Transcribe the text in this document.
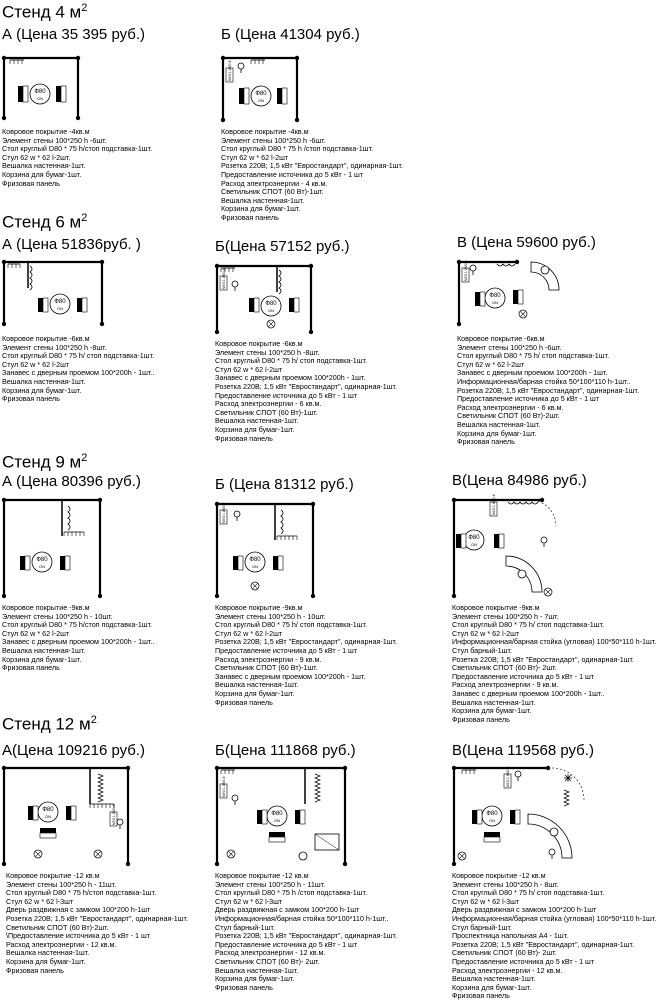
Стенд 4 $м^2$
А (Цена 35 395 руб.)	Б (Цена 41304 руб.)
Ф80
ON
МУЗ 1 АМ0.4
Ф80
ON
Ковровое покрытие -4кв.м
Элемент стены 100*250 h -6шт.
Стол круглый D80 * 75 h/стоп подставка-1шт.
Стул 62 w * 62 l-2шт.
Вешалка настенная-1шт.
Корзина для бумаг-1шт.
Фризовая панель
Ковровое покрытие -4кв.м
Элемент стены 100*250 h -6шт.
Стол круглый D80 * 75 h /стоп подставка-1шт.
Стул 62 w * 62 l-2шт
Розетка 220В; 1,5 кВт "Евростандарт", одинарная-1шт.
Предоставление источника до 5 кВт - 1 шт
Расход электроэнергии - 4 кв.м.
Светильник СПОТ (60 Вт)-1шт.
Вешалка настенная-1шт.
Корзина для бумаг-1шт.
Фризовая панель
Стенд 6 $м^2$
А (Цена 51836руб. )	Б(Цена 57152 руб.)	В (Цена 59600 руб.)
Ф80
ON
МУЗ 1 АМ0.4
Ф80
ON
МУЗ 1 АМ0.4
Ф80
ON
Ковровое покрытие -6кв.м
Элемент стены 100*250 h -8шт.
Стол круглый D80 * 75 h/ стоп подставка-1шт.
Стул 62 w * 62 l-2шт
Занавес с дверным проемом 100*200h - 1шт..
Вешалка настенная-1шт.
Корзина для бумаг-1шт.
Фризовая панель
Ковровое покрытие -6кв.м
Элемент стены 100*250 h -8шт.
Стол круглый D80 * 75 h/ стоп подставка-1шт.
Стул 62 w * 62 l-2шт
Занавес с дверным проемом 100*200h - 1шт.
Розетка 220В; 1,5 кВт "Евростандарт", одинарная-1шт.
Предоставление источника до 5 кВт - 1 шт
Расход электроэнергии - 6 кв.м.
Светильник СПОТ (60 Вт)-1шт.
Вешалка настенная-1шт.
Корзина для бумаг-1шт.
Фризовая панель
Ковровое покрытие -6кв.м
Элемент стены 100*250 h -6шт.
Стол круглый D80 * 75 h/ стоп подставка-1шт.
Стул 62 w * 62 l-2шт
Занавес с дверным проемом 100*200h - 1шт.
Информационная/барная стойка 50*100*110 h-1шт..
Розетка 220В; 1,5 кВт "Евростандарт", одинарная-1шт.
Предоставление источника до 5 кВт - 1 шт
Расход электроэнергии - 6 кв.м.
Светильник СПОТ (60 Вт)-2шт.
Вешалка настенная-1шт.
Корзина для бумаг-1шт.
Фризовая панель
Стенд 9 $м^2$
А (Цена 80396 руб.)	Б (Цена 81312 руб.)	В(Цена 84986 руб.)
Ф80
ON
МУЗ 1 АМ0.4
Ф80
ON
МУЗ 1 АМ0.4
Ф80
ON
Ковровое покрытие -9кв.м
Элемент стены 100*250 h - 10шт.
Стол круглый D80 * 75 h/стоп подставка-1шт.
Стул 62 w * 62 l-2шт
Занавес с дверным проемом 100*200h - 1шт..
Вешалка настенная-1шт.
Корзина для бумаг-1шт.
Фризовая панель
Ковровое покрытие -9кв.м
Элемент стены 100*250 h - 10шт.
Стол круглый D80 * 75 h/ стоп подставка-1шт.
Стул 62 w * 62 l-2шт
Розетка 220В; 1,5 кВт "Евростандарт", одинарная-1шт.
Предоставление источника до 5 кВт - 1 шт
Расход электроэнергии - 9 кв.м.
Светильник СПОТ (60 Вт)-1шт.
Занавес с дверным проемом 100*200h - 1шт.
Вешалка настенная-1шт.
Корзина для бумаг-1шт.
Фризовая панель
Ковровое покрытие -9кв.м
Элемент стены 100*250 h - 7шт.
Стол круглый D80 * 75 h/ стоп подставка-1шт.
Стул 62 w * 62 l-2шт
Информационная/барная стойка (угловая) 100*50*110 h-1шт.
Стул барный-1шт.
Розетка 220В; 1,5 кВт "Евростандарт", одинарная-1шт.
Светильник СПОТ (60 Вт)- 2шт.
Предоставление источника до 5 кВт - 1 шт
Расход электроэнергии - 9 кв.м.
Занавес с дверным проемом 100*200h - 1шт..
Вешалка настенная-1шт.
Корзина для бумаг-1шт.
Фризовая панель
Стенд 12 $м^2$
А(Цена 109216 руб.)	Б(Цена 111868 руб.)	В(Цена 119568 руб.)
МУЗ 1 АМ0.4
Ф80
ON
МУЗ 1 АМ0.4
Ф80
ON
МУЗ 1 АМ0.4
Ф80
ON
Ковровое покрытие -12 кв.м
Элемент стены 100*250 h - 11шт.
Стол круглый D80 * 75 h/стоп подставка-1шт.
Стул 62 w * 62 l-3шт
Дверь раздвижная с замком 100*200 h-1шт
Розетка 220В; 1,5 кВт "Евростандарт", одинарная-1шт.
Светильник СПОТ (60 Вт)-2шт.
\Предоставление источника до 5 кВт - 1 шт
Расход электроэнергии - 12 кв.м.
Вешалка настенная-1шт.
Корзина для бумаг-1шт.
Фризовая панель
Ковровое покрытие -12 кв.м
Элемент стены 100*250 h - 11шт.
Стол круглый D80 * 75 h /стоп подставка-1шт.
Стул 62 w * 62 l-3шт
Дверь раздвижная с замком 100*200 h-1шт
Информационная/барная стойка 50*100*110 h-1шт..
Стул барный-1шт.
Розетка 220В; 1,5 кВт "Евростандарт", одинарная-1шт.
Предоставление источника до 5 кВт - 1 шт
Расход электроэнергии - 12 кв.м.
Светильник СПОТ (60 Вт)- 2шт.
Вешалка настенная-1шт.
Корзина для бумаг-1шт.
Фризовая панель
Ковровое покрытие -12 кв.м
Элемент стены 100*250 h - 8шт.
Стол круглый D80 * 75 h/ стоп подставка-1шт.
Стул 62 w * 62 l-3шт
Дверь раздвижная с замком 100*200 h-1шт
Информационная/барная стойка (угловая) 100*50*110 h-1шт.
Стул барный-1шт.
Проспектница напольная А4 - 1шт.
Розетка 220В; 1,5 кВт "Евростандарт", одинарная-1шт.
Светильник СПОТ (60 Вт)- 2шт.
Предоставление источника до 5 кВт - 1 шт
Расход электроэнергии - 12 кв.м.
Вешалка настенная-1шт.
Корзина для бумаг-1шт.
Фризовая панель
